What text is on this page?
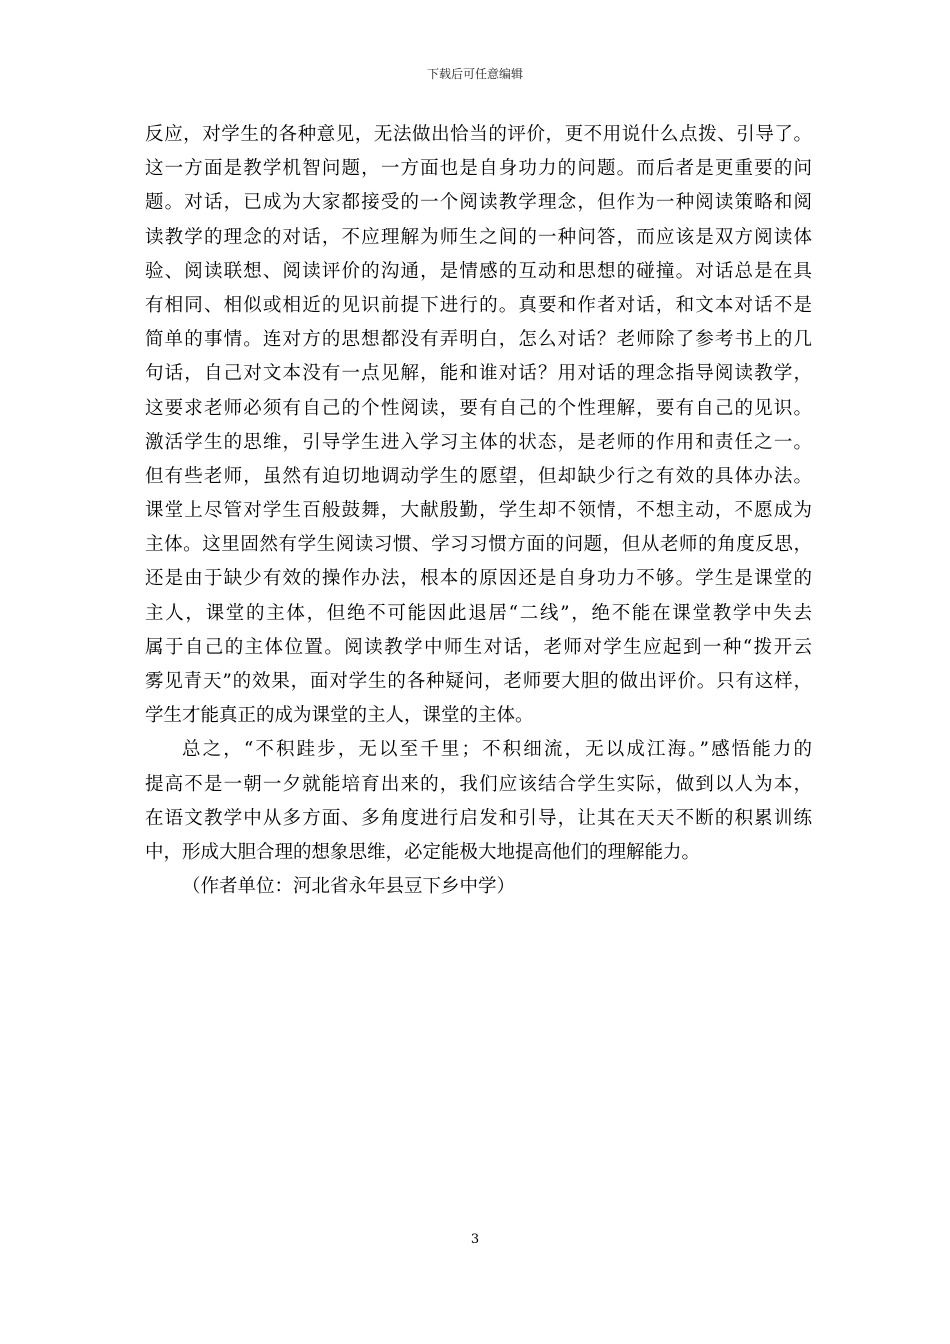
下载后可任意编辑
反应，对学生的各种意见，无法做出恰当的评价，更不用说什么点拨、引导了。
这一方面是教学机智问题，一方面也是自身功力的问题。而后者是更重要的问
题。对话，已成为大家都接受的一个阅读教学理念，但作为一种阅读策略和阅
读教学的理念的对话，不应理解为师生之间的一种问答，而应该是双方阅读体
验、阅读联想、阅读评价的沟通，是情感的互动和思想的碰撞。对话总是在具
有相同、相似或相近的见识前提下进行的。真要和作者对话，和文本对话不是
简单的事情。连对方的思想都没有弄明白，怎么对话？老师除了参考书上的几
句话，自己对文本没有一点见解，能和谁对话？用对话的理念指导阅读教学，
这要求老师必须有自己的个性阅读，要有自己的个性理解，要有自己的见识。
激活学生的思维，引导学生进入学习主体的状态，是老师的作用和责任之一。
但有些老师，虽然有迫切地调动学生的愿望，但却缺少行之有效的具体办法。
课堂上尽管对学生百般鼓舞，大献殷勤，学生却不领情，不想主动，不愿成为
主体。这里固然有学生阅读习惯、学习习惯方面的问题，但从老师的角度反思，
还是由于缺少有效的操作办法，根本的原因还是自身功力不够。学生是课堂的
主人，课堂的主体，但绝不可能因此退居“二线”，绝不能在课堂教学中失去
属于自己的主体位置。阅读教学中师生对话，老师对学生应起到一种“拨开云
雾见青天”的效果，面对学生的各种疑问，老师要大胆的做出评价。只有这样，
学生才能真正的成为课堂的主人，课堂的主体。
总之，“不积跬步，无以至千里；不积细流，无以成江海。”感悟能力的
提高不是一朝一夕就能培育出来的，我们应该结合学生实际，做到以人为本，
在语文教学中从多方面、多角度进行启发和引导，让其在天天不断的积累训练
中，形成大胆合理的想象思维，必定能极大地提高他们的理解能力。
（作者单位：河北省永年县豆下乡中学）
3
